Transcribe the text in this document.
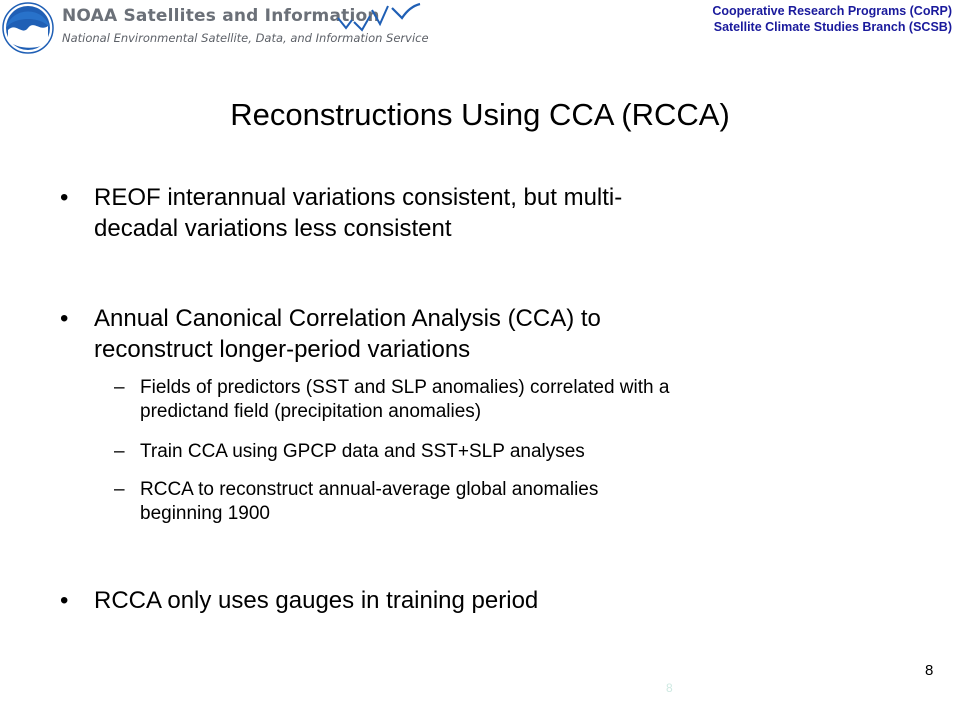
NOAA Satellites and Information
National Environmental Satellite, Data, and Information Service
Cooperative Research Programs (CoRP)
Satellite Climate Studies Branch (SCSB)
Reconstructions Using CCA (RCCA)
• REOF interannual variations consistent, but multi-
decadal variations less consistent
• Annual Canonical Correlation Analysis (CCA) to
reconstruct longer-period variations
– Fields of predictors (SST and SLP anomalies) correlated with a
predictand field (precipitation anomalies)
– Train CCA using GPCP data and SST+SLP analyses
– RCCA to reconstruct annual-average global anomalies
beginning 1900
• RCCA only uses gauges in training period
8
8
